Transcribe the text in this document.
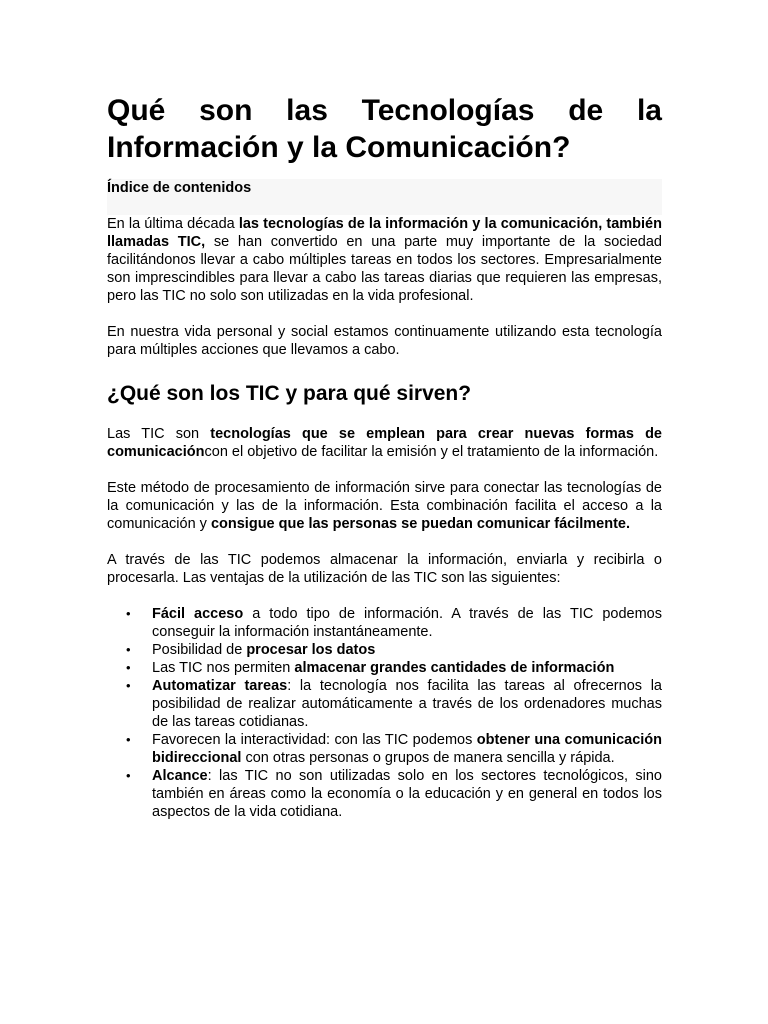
Qué son las Tecnologías de la Información y la Comunicación?
Índice de contenidos

En la última década las tecnologías de la información y la comunicación, también llamadas TIC, se han convertido en una parte muy importante de la sociedad facilitándonos llevar a cabo múltiples tareas en todos los sectores. Empresarialmente son imprescindibles para llevar a cabo las tareas diarias que requieren las empresas, pero las TIC no solo son utilizadas en la vida profesional.

En nuestra vida personal y social estamos continuamente utilizando esta tecnología para múltiples acciones que llevamos a cabo.

¿Qué son los TIC y para qué sirven?

Las TIC son tecnologías que se emplean para crear nuevas formas de comunicacióncon el objetivo de facilitar la emisión y el tratamiento de la información.

Este método de procesamiento de información sirve para conectar las tecnologías de la comunicación y las de la información. Esta combinación facilita el acceso a la comunicación y consigue que las personas se puedan comunicar fácilmente.

A través de las TIC podemos almacenar la información, enviarla y recibirla o procesarla. Las ventajas de la utilización de las TIC son las siguientes:

• Fácil acceso a todo tipo de información. A través de las TIC podemos conseguir la información instantáneamente.
• Posibilidad de procesar los datos
• Las TIC nos permiten almacenar grandes cantidades de información
• Automatizar tareas: la tecnología nos facilita las tareas al ofrecernos la posibilidad de realizar automáticamente a través de los ordenadores muchas de las tareas cotidianas.
• Favorecen la interactividad: con las TIC podemos obtener una comunicación bidireccional con otras personas o grupos de manera sencilla y rápida.
• Alcance: las TIC no son utilizadas solo en los sectores tecnológicos, sino también en áreas como la economía o la educación y en general en todos los aspectos de la vida cotidiana.
